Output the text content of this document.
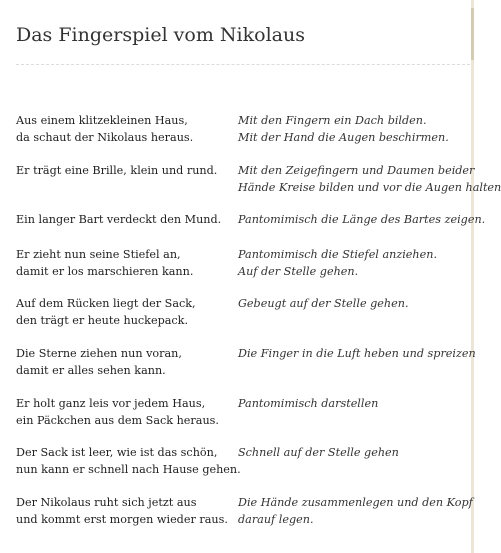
Das Fingerspiel vom Nikolaus
Aus einem klitzekleinen Haus,
da schaut der Nikolaus heraus.
Mit den Fingern ein Dach bilden.
Mit der Hand die Augen beschirmen.
Er trägt eine Brille, klein und rund.	Mit den Zeigefingern und Daumen beider
Hände Kreise bilden und vor die Augen halten
Ein langer Bart verdeckt den Mund.	Pantomimisch die Länge des Bartes zeigen.
Er zieht nun seine Stiefel an,
damit er los marschieren kann.
Pantomimisch die Stiefel anziehen.
Auf der Stelle gehen.
Auf dem Rücken liegt der Sack,
den trägt er heute huckepack.
Gebeugt auf der Stelle gehen.
Die Sterne ziehen nun voran,
damit er alles sehen kann.
Die Finger in die Luft heben und spreizen
Er holt ganz leis vor jedem Haus,
ein Päckchen aus dem Sack heraus.
Pantomimisch darstellen
Der Sack ist leer, wie ist das schön,
nun kann er schnell nach Hause gehen.
Schnell auf der Stelle gehen
Der Nikolaus ruht sich jetzt aus
und kommt erst morgen wieder raus.
Die Hände zusammenlegen und den Kopf
darauf legen.
